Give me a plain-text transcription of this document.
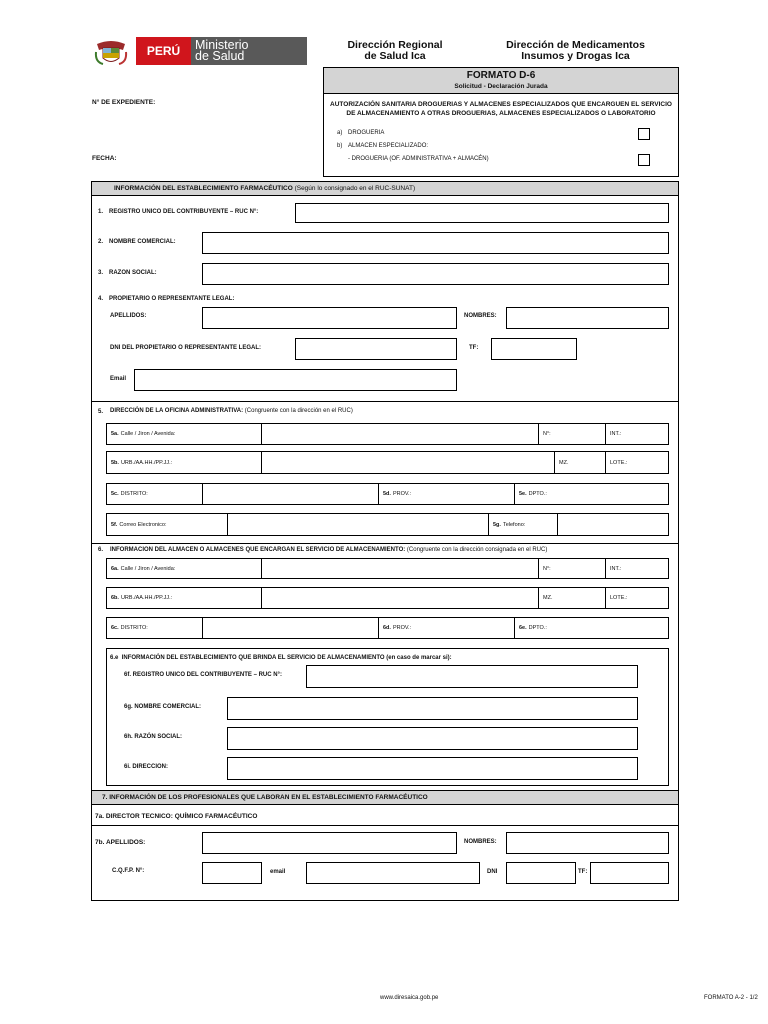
PERÚ	Ministerio
de Salud
Dirección Regional
de Salud Ica
Dirección de Medicamentos
Insumos y Drogas Ica
FORMATO D-6
Solicitud - Declaración Jurada
AUTORIZACIÓN SANITARIA DROGUERIAS Y ALMACENES ESPECIALIZADOS QUE ENCARGUEN EL SERVICIO
DE ALMACENAMIENTO A OTRAS DROGUERIAS, ALMACENES ESPECIALIZADOS O LABORATORIO
a) DROGUERIA
b) ALMACEN ESPECIALIZADO:
- DROGUERIA (OF. ADMINISTRATIVA + ALMACÉN)
N° DE EXPEDIENTE:
FECHA:
INFORMACIÓN DEL ESTABLECIMIENTO FARMACÉUTICO (Según lo consignado en el RUC-SUNAT)
1. REGISTRO UNICO DEL CONTRIBUYENTE – RUC N°:
2. NOMBRE COMERCIAL:
3. RAZON SOCIAL:
4. PROPIETARIO O REPRESENTANTE LEGAL:
APELLIDOS:	NOMBRES:
DNI DEL PROPIETARIO O REPRESENTANTE LEGAL:	TF:
Email
5. DIRECCIÓN DE LA OFICINA ADMINISTRATIVA: (Congruente con la dirección en el RUC)
5a. Calle / Jiron / Avenida:	N°:	INT.:
5b. URB./AA.HH./PP.JJ.:	MZ.	LOTE.:
5c. DISTRITO:	5d. PROV.:	5e. DPTO.:
5f. Correo Electronico:	5g. Telefono:
6. INFORMACION DEL ALMACEN O ALMACENES QUE ENCARGAN EL SERVICIO DE ALMACENAMIENTO: (Congruente con la dirección consignada en el RUC)
6a. Calle / Jiron / Avenida:	N°:	INT.:
6b. URB./AA.HH./PP.JJ.:	MZ.	LOTE.:
6c. DISTRITO:	6d. PROV.:	6e. DPTO.:
6.e INFORMACIÓN DEL ESTABLECIMIENTO QUE BRINDA EL SERVICIO DE ALMACENAMIENTO (en caso de marcar si):
6f. REGISTRO UNICO DEL CONTRIBUYENTE – RUC N°:
6g. NOMBRE COMERCIAL:
6h. RAZÓN SOCIAL:
6i. DIRECCION:
7. INFORMACIÓN DE LOS PROFESIONALES QUE LABORAN EN EL ESTABLECIMIENTO FARMACÉUTICO
7a. DIRECTOR TECNICO: QUÍMICO FARMACÉUTICO
7b. APELLIDOS:	NOMBRES:
C.Q.F.P. N°:	email	DNI	TF:
www.diresaica.gob.pe	FORMATO A-2 - 1/2
